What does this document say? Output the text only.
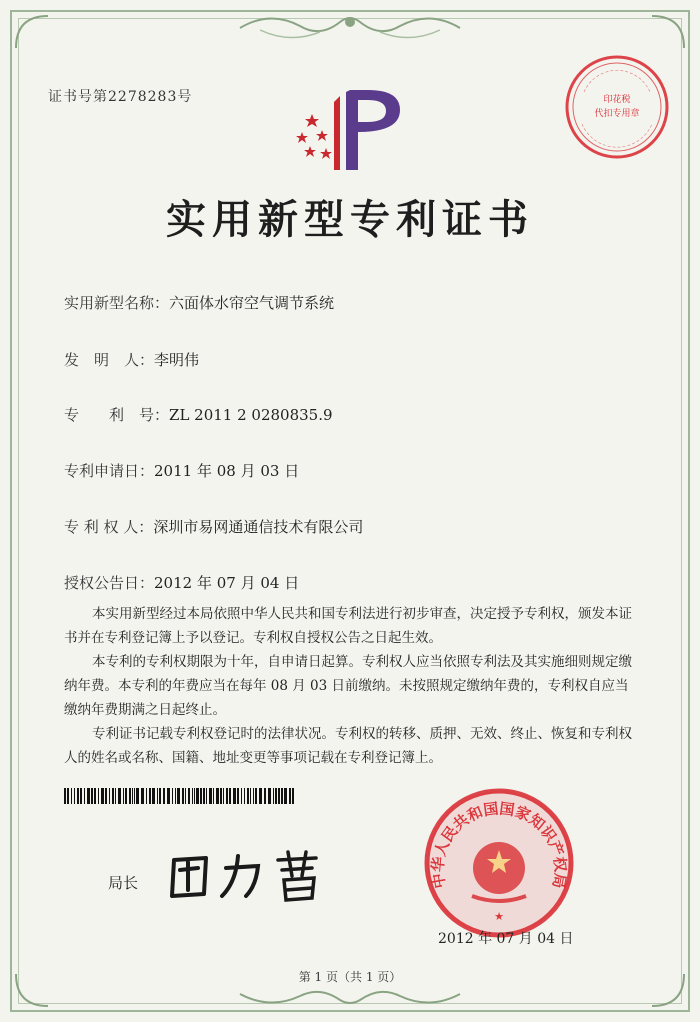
证书号第2278283号	印花税
代扣专用章
实用新型专利证书
实用新型名称：六面体水帘空气调节系统
发　明　人：李明伟
专　　利　号：ZL 2011 2 0280835.9
专利申请日：2011 年 08 月 03 日
专 利 权 人：深圳市易网通通信技术有限公司
授权公告日：2012 年 07 月 04 日

本实用新型经过本局依照中华人民共和国专利法进行初步审查，决定授予专利权，颁发本证书并在专利登记簿上予以登记。专利权自授权公告之日起生效。

本专利的专利权期限为十年，自申请日起算。专利权人应当依照专利法及其实施细则规定缴纳年费。本专利的年费应当在每年 08 月 03 日前缴纳。未按照规定缴纳年费的，专利权自应当缴纳年费期满之日起终止。

专利证书记载专利权登记时的法律状况。专利权的转移、质押、无效、终止、恢复和专利权人的姓名或名称、国籍、地址变更等事项记载在专利登记簿上。

局长
田力普
★
中华人民共和国国家知识产权局
2012 年 07 月 04 日
第 1 页（共 1 页）
